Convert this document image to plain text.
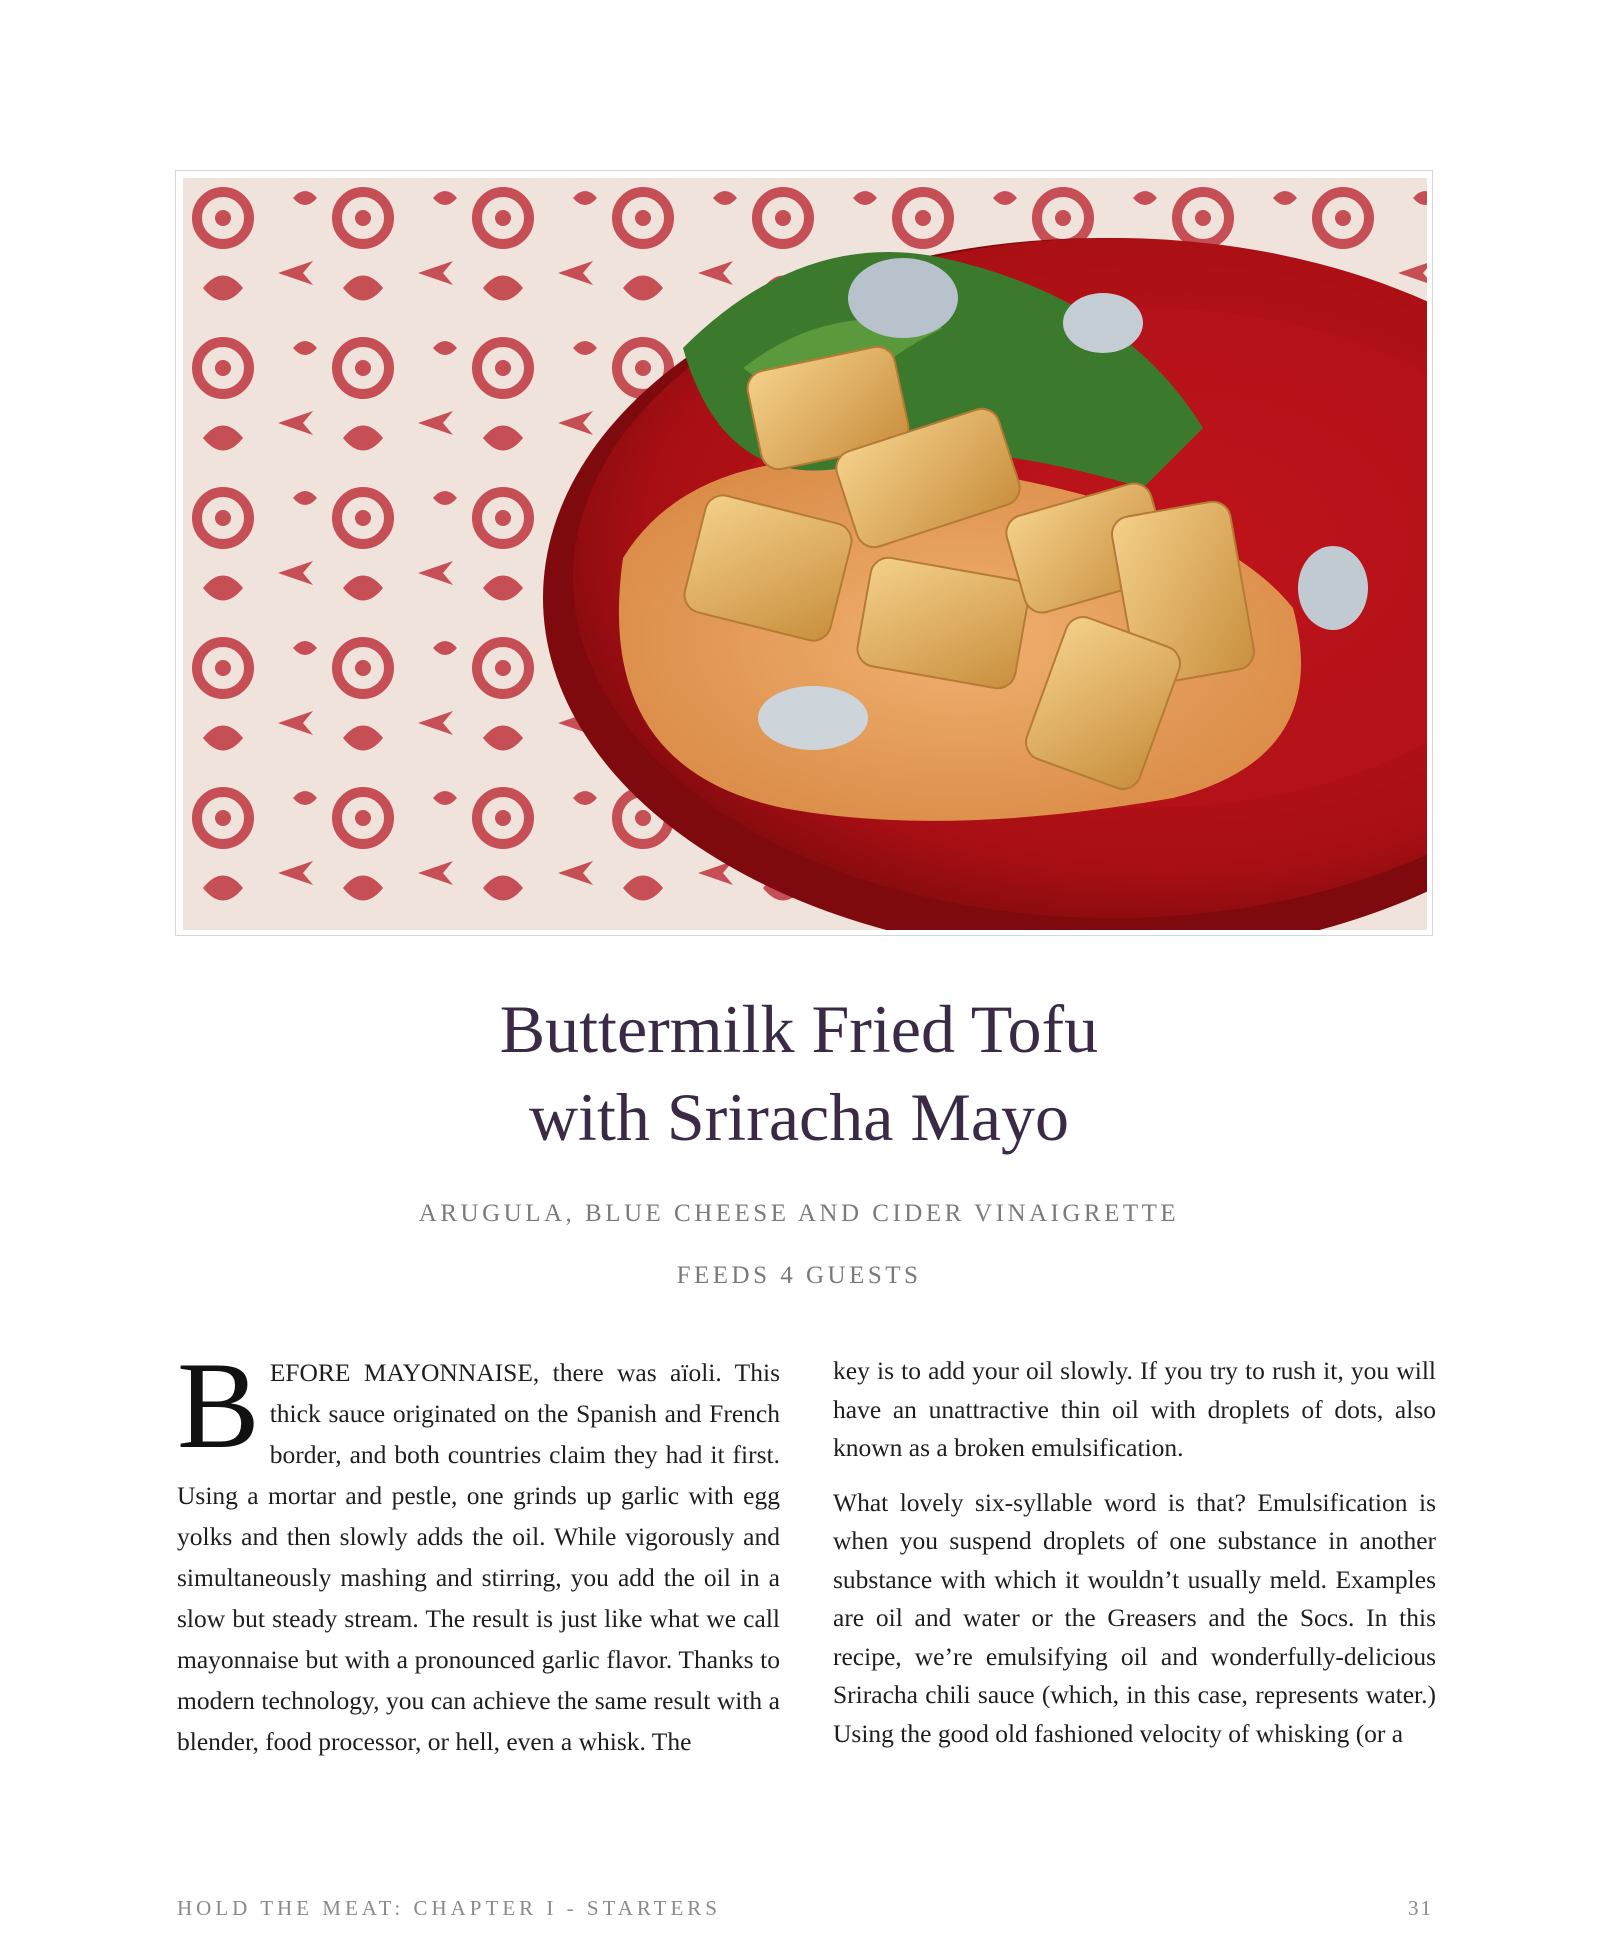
Buttermilk Fried Tofu
with Sriracha Mayo

ARUGULA, BLUE CHEESE AND CIDER VINAIGRETTE

FEEDS 4 GUESTS

BEFORE MAYONNAISE, there was aïoli. This thick sauce originated on the Spanish and French border, and both countries claim they had it first. Using a mortar and pestle, one grinds up garlic with egg yolks and then slowly adds the oil. While vigorously and simultaneously mashing and stirring, you add the oil in a slow but steady stream. The result is just like what we call mayonnaise but with a pronounced garlic flavor. Thanks to modern technology, you can achieve the same result with a blender, food processor, or hell, even a whisk. The

key is to add your oil slowly. If you try to rush it, you will have an unattractive thin oil with droplets of dots, also known as a broken emulsification.

What lovely six-syllable word is that? Emulsification is when you suspend droplets of one substance in another substance with which it wouldn’t usually meld. Examples are oil and water or the Greasers and the Socs. In this recipe, we’re emulsifying oil and wonderfully-delicious Sriracha chili sauce (which, in this case, represents water.) Using the good old fashioned velocity of whisking (or a

HOLD THE MEAT: CHAPTER I - STARTERS	31
